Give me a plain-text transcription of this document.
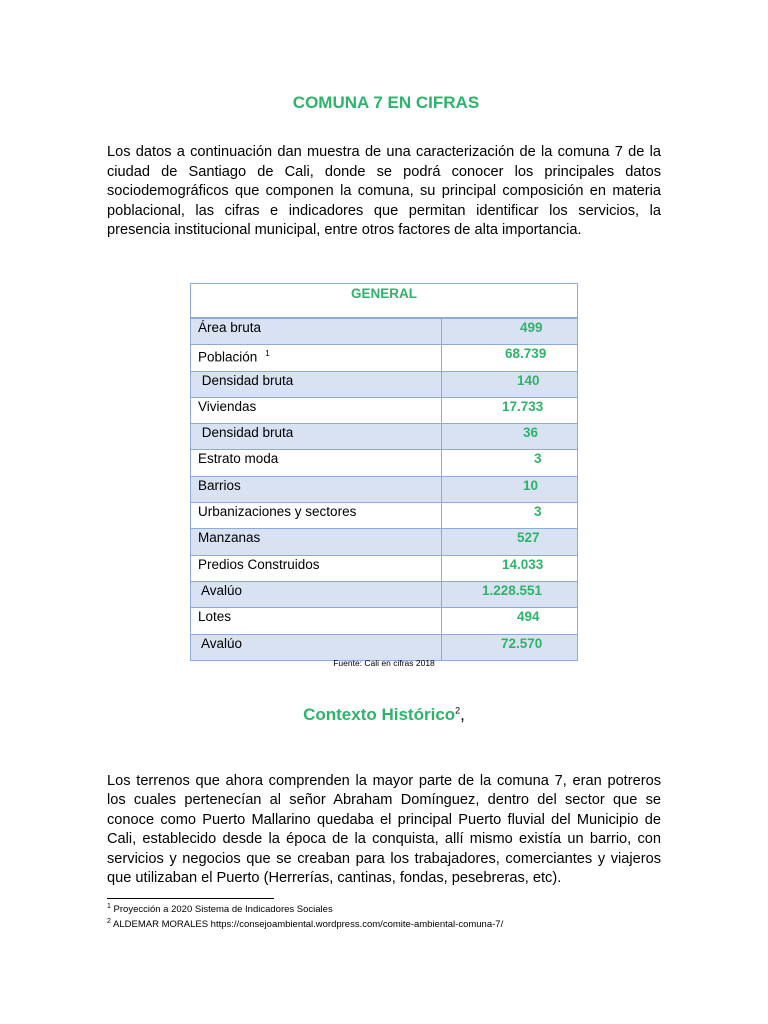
COMUNA 7 EN CIFRAS
Los datos a continuación dan muestra de una caracterización de la comuna 7 de la ciudad de Santiago de Cali, donde se podrá conocer los principales datos sociodemográficos que componen la comuna, su principal composición en materia poblacional, las cifras e indicadores que permitan identificar los servicios, la presencia institucional municipal, entre otros factores de alta importancia.
GENERAL	
Área bruta	499
Población $^1$	68.739
Densidad bruta	140
Viviendas	17.733
Densidad bruta	36
Estrato moda	3
Barrios	10
Urbanizaciones y sectores	3
Manzanas	527
Predios Construidos	14.033
Avalúo	1.228.551
Lotes	494
Avalúo	72.570
Fuente: Cali en cifras 2018
Contexto Histórico$^2$,
Los terrenos que ahora comprenden la mayor parte de la comuna 7, eran potreros los cuales pertenecían al señor Abraham Domínguez, dentro del sector que se conoce como Puerto Mallarino quedaba el principal Puerto fluvial del Municipio de Cali, establecido desde la época de la conquista, allí mismo existía un barrio, con servicios y negocios que se creaban para los trabajadores, comerciantes y viajeros que utilizaban el Puerto (Herrerías, cantinas, fondas, pesebreras, etc).
$^1$ Proyección a 2020 Sistema de Indicadores Sociales
$^2$ ALDEMAR MORALES https://consejoambiental.wordpress.com/comite-ambiental-comuna-7/
